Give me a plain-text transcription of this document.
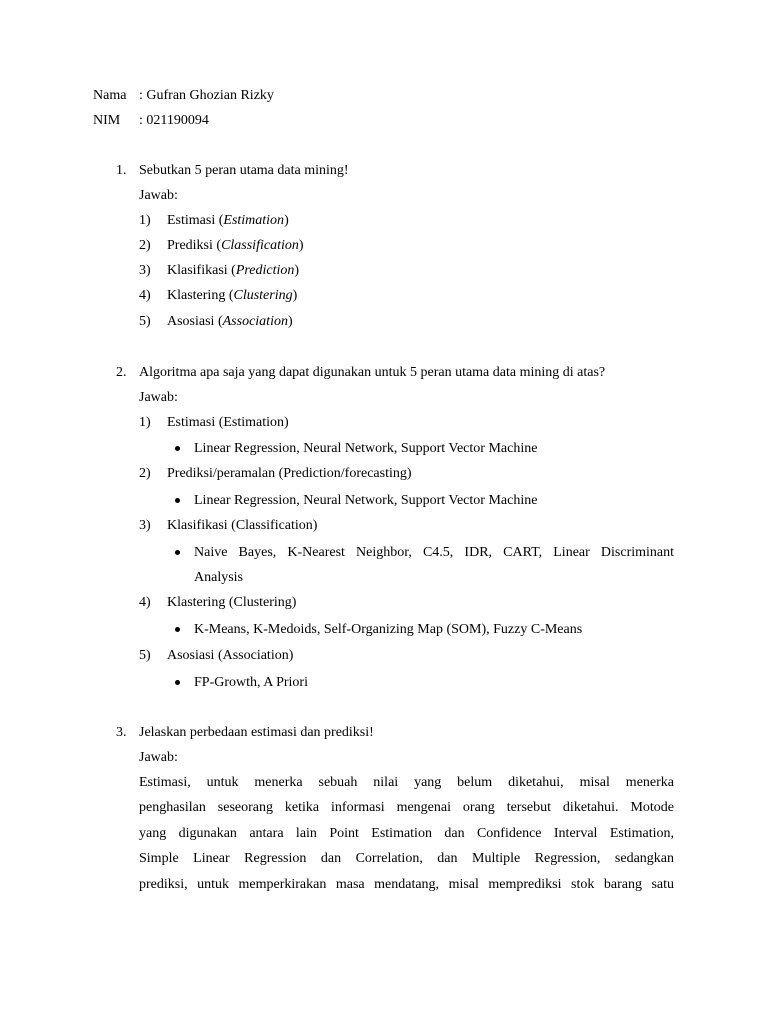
Nama : Gufran Ghozian Rizky
NIM : 021190094
1. Sebutkan 5 peran utama data mining!
Jawab:
1) Estimasi (Estimation)
2) Prediksi (Classification)
3) Klasifikasi (Prediction)
4) Klastering (Clustering)
5) Asosiasi (Association)
2. Algoritma apa saja yang dapat digunakan untuk 5 peran utama data mining di atas?
Jawab:
1) Estimasi (Estimation)
Linear Regression, Neural Network, Support Vector Machine
2) Prediksi/peramalan (Prediction/forecasting)
Linear Regression, Neural Network, Support Vector Machine
3) Klasifikasi (Classification)
Naive Bayes, K-Nearest Neighbor, C4.5, IDR, CART, Linear Discriminant
Analysis
4) Klastering (Clustering)
K-Means, K-Medoids, Self-Organizing Map (SOM), Fuzzy C-Means
5) Asosiasi (Association)
FP-Growth, A Priori
3. Jelaskan perbedaan estimasi dan prediksi!
Jawab:
Estimasi, untuk menerka sebuah nilai yang belum diketahui, misal menerka
penghasilan seseorang ketika informasi mengenai orang tersebut diketahui. Motode
yang digunakan antara lain Point Estimation dan Confidence Interval Estimation,
Simple Linear Regression dan Correlation, dan Multiple Regression, sedangkan
prediksi, untuk memperkirakan masa mendatang, misal memprediksi stok barang satu
